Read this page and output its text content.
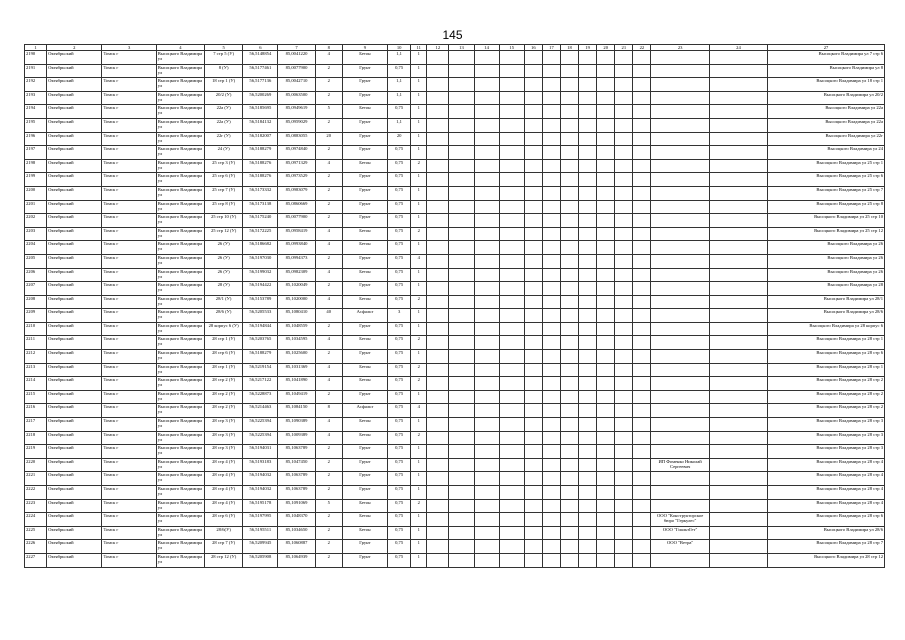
145
1	2	3	4	5	6	7	8	9	10	11	12	13	14	15	16	17	18	19	20	21	22	23	24	27
2190	Октябрьский	Томск г	Высоцкого Владимира ул	7 стр 5 (У)	56,5148854	85,0041220	4	Бетон	1,1	1														Высоцкого Владимира ул 7 стр 6
2191	Октябрьский	Томск г	Высоцкого Владимира ул	8 (У)	56,5177461	85,0077900	2	Грунт	0,75	1														Высоцкого Владимира ул 8
2192	Октябрьский	Томск г	Высоцкого Владимира ул	18 стр 1 (У)	56,5177136	85,0042710	2	Грунт	1,1	1														Высоцкого Владимира ул 18 стр 1
2193	Октябрьский	Томск г	Высоцкого Владимира ул	20/2 (У)	56,5200269	85,0063500	2	Грунт	1,1	1														Высоцкого Владимира ул 20/2
2194	Октябрьский	Томск г	Высоцкого Владимира ул	22а (У)	56,5185695	85,0949619	5	Бетон	0,75	1														Высоцкого Владимира ул 22а
2195	Октябрьский	Томск г	Высоцкого Владимира ул	22а (У)	56,5184132	85,0959029	2	Грунт	1,1	1														Высоцкого Владимира ул 22а
2196	Октябрьский	Томск г	Высоцкого Владимира ул	22г (У)	56,5182007	85,0883055	20	Грунт	20	1														Высоцкого Владимира ул 22г
2197	Октябрьский	Томск г	Высоцкого Владимира ул	24 (У)	56,5188279	85,0974840	2	Грунт	0,75	1														Высоцкого Владимира ул 24
2198	Октябрьский	Томск г	Высоцкого Владимира ул	25 стр 3 (У)	56,5188276	85,0971329	4	Бетон	0,75	2														Высоцкого Владимира ул 25 стр 1
2199	Октябрьский	Томск г	Высоцкого Владимира ул	25 стр 6 (У)	56,5188276	85,0973529	2	Грунт	0,75	1														Высоцкого Владимира ул 25 стр 6
2200	Октябрьский	Томск г	Высоцкого Владимира ул	25 стр 7 (У)	56,5173332	85,0983079	2	Грунт	0,75	1														Высоцкого Владимира ул 25 стр 7
2201	Октябрьский	Томск г	Высоцкого Владимира ул	25 стр 8 (У)	56,5173138	85,0860669	2	Грунт	0,75	1														Высоцкого Владимира ул 25 стр 8
2202	Октябрьский	Томск г	Высоцкого Владимира ул	25 стр 10 (У)	56,5175240	85,0077900	2	Грунт	0,75	1														Высоцкого Владимира ул 25 стр 10
2203	Октябрьский	Томск г	Высоцкого Владимира ул	25 стр 12 (У)	56,5172225	85,0958419	4	Бетон	0,75	2														Высоцкого Владимира ул 25 стр 12
2204	Октябрьский	Томск г	Высоцкого Владимира ул	26 (У)	56,5186682	85,0993840	4	Бетон	0,75	1														Высоцкого Владимира ул 26
2205	Октябрьский	Томск г	Высоцкого Владимира ул	26 (У)	56,5197030	85,0994373	2	Грунт	0,75	4														Высоцкого Владимира ул 26
2206	Октябрьский	Томск г	Высоцкого Владимира ул	26 (У)	56,5199032	85,0982309	4	Бетон	0,75	1														Высоцкого Владимира ул 26
2207	Октябрьский	Томск г	Высоцкого Владимира ул	28 (У)	56,5194422	85,1020049	2	Грунт	0,75	1														Высоцкого Владимира ул 28
2208	Октябрьский	Томск г	Высоцкого Владимира ул	28/1 (У)	56,5153789	85,1020000	4	Бетон	0,75	2														Высоцкого Владимира ул 28/1
2209	Октябрьский	Томск г	Высоцкого Владимира ул	28/6 (У)	56,5205533	85,1080410	40	Асфальт	3	1														Высоцкого Владимира ул 28/6
2210	Октябрьский	Томск г	Высоцкого Владимира ул	28 корпус 6 (У)	56,5194844	85,1048559	2	Грунт	0,75	1														Высоцкого Владимира ул 28 корпус 6
2211	Октябрьский	Томск г	Высоцкого Владимира ул	28 стр 1 (У)	56,5203765	85,1034595	4	Бетон	0,75	2														Высоцкого Владимира ул 28 стр 1
2212	Октябрьский	Томск г	Высоцкого Владимира ул	28 стр 6 (У)	56,5188279	85,1025600	2	Грунт	0,75	1														Высоцкого Владимира ул 28 стр 6
2213	Октябрьский	Томск г	Высоцкого Владимира ул	28 стр 1 (У)	56,5219154	85,1031369	4	Бетон	0,75	2														Высоцкого Владимира ул 28 стр 1
2214	Октябрьский	Томск г	Высоцкого Владимира ул	28 стр 2 (У)	56,5217122	85,1041890	4	Бетон	0,75	2														Высоцкого Владимира ул 28 стр 2
2215	Октябрьский	Томск г	Высоцкого Владимира ул	28 стр 2 (У)	56,5228873	85,1049419	2	Грунт	0,75	1														Высоцкого Владимира ул 28 стр 2
2216	Октябрьский	Томск г	Высоцкого Владимира ул	28 стр 2 (У)	56,5214463	85,1084150	8	Асфальт	0,75	4														Высоцкого Владимира ул 28 стр 2
2217	Октябрьский	Томск г	Высоцкого Владимира ул	28 стр 3 (У)	56,5225394	85,1090389	4	Бетон	0,75	1														Высоцкого Владимира ул 28 стр 3
2218	Октябрьский	Томск г	Высоцкого Владимира ул	28 стр 3 (У)	56,5225394	85,1009389	4	Бетон	0,75	2														Высоцкого Владимира ул 28 стр 3
2219	Октябрьский	Томск г	Высоцкого Владимира ул	28 стр 3 (У)	56,5194031	85,1063789	2	Грунт	0,75	1														Высоцкого Владимира ул 28 стр 3
2220	Октябрьский	Томск г	Высоцкого Владимира ул	28 стр 4 (У)	56,5193183	85,1047450	2	Грунт	0,75	1												ИП Фоменко Николай Сергеевич		Высоцкого Владимира ул 28 стр 4
2221	Октябрьский	Томск г	Высоцкого Владимира ул	28 стр 4 (У)	56,5194032	85,1063789	2	Грунт	0,75	1														Высоцкого Владимира ул 28 стр 4
2222	Октябрьский	Томск г	Высоцкого Владимира ул	28 стр 4 (У)	56,5194032	85,1063789	2	Грунт	0,75	1														Высоцкого Владимира ул 28 стр 4
2223	Октябрьский	Томск г	Высоцкого Владимира ул	28 стр 4 (У)	56,5195178	85,1091069	5	Бетон	0,75	2														Высоцкого Владимира ул 28 стр 4
2224	Октябрьский	Томск г	Высоцкого Владимира ул	28 стр 6 (У)	56,5197995	85,1048370	2	Бетон	0,75	1												ООО "Конструкторское бюро "Геркулес"		Высоцкого Владимира ул 28 стр 6
2225	Октябрьский	Томск г	Высоцкого Владимира ул	28/6(У)	56,5195511	85,1034650	2	Бетон	0,75	1												ООО "ГиальтГет"		Высоцкого Владимира ул 28/6
2226	Октябрьский	Томск г	Высоцкого Владимира ул	28 стр 7 (У)	56,5209945	85,1060887	2	Грунт	0,75	1												ООО "Ветра"		Высоцкого Владимира ул 28 стр 7
2227	Октябрьский	Томск г	Высоцкого Владимира ул	28 стр 12 (У)	56,5205908	85,1064939	2	Грунт	0,75	1														Высоцкого Владимира ул 28 стр 12
